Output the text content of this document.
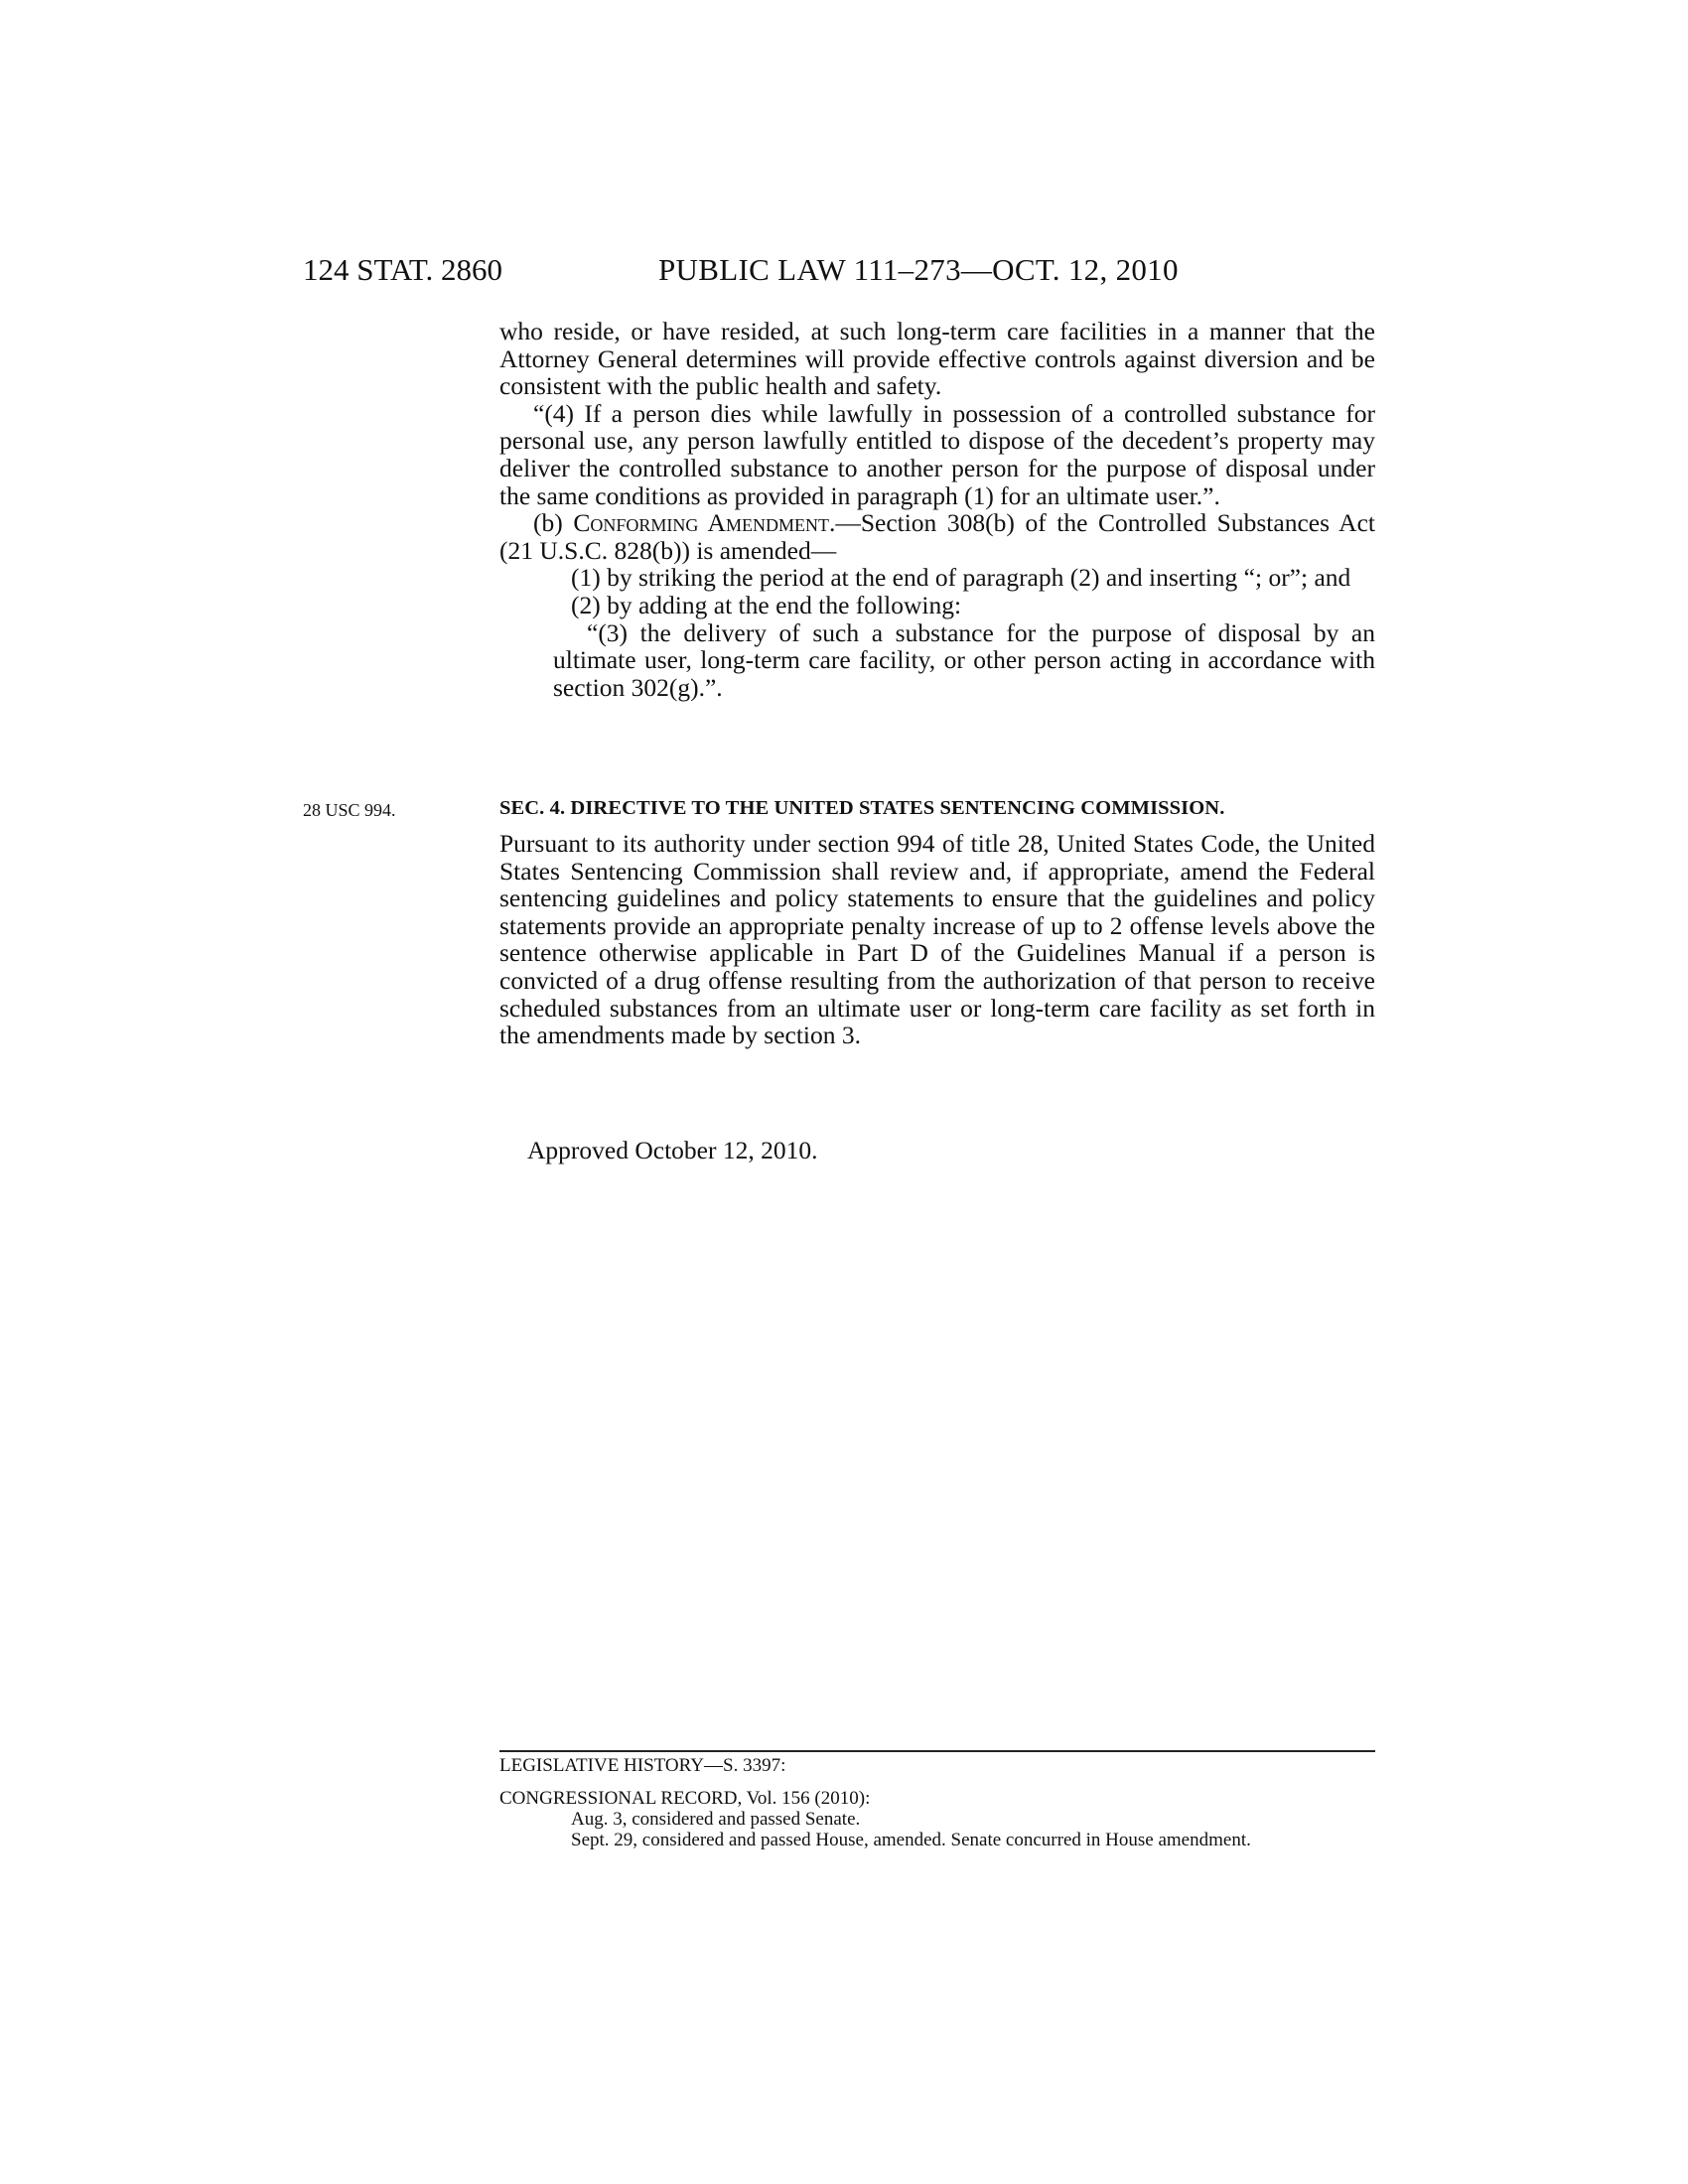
124 STAT. 2860	PUBLIC LAW 111–273—OCT. 12, 2010

who reside, or have resided, at such long-term care facilities in a manner that the Attorney General determines will provide effective controls against diversion and be consistent with the public health and safety.

“(4) If a person dies while lawfully in possession of a controlled substance for personal use, any person lawfully entitled to dispose of the decedent’s property may deliver the controlled substance to another person for the purpose of disposal under the same conditions as provided in paragraph (1) for an ultimate user.”.

(b) Conforming Amendment.—Section 308(b) of the Controlled Substances Act (21 U.S.C. 828(b)) is amended—

(1) by striking the period at the end of paragraph (2) and inserting “; or”; and

(2) by adding at the end the following:

“(3) the delivery of such a substance for the purpose of disposal by an ultimate user, long-term care facility, or other person acting in accordance with section 302(g).”.

28 USC 994.	SEC. 4. DIRECTIVE TO THE UNITED STATES SENTENCING COMMISSION.

Pursuant to its authority under section 994 of title 28, United States Code, the United States Sentencing Commission shall review and, if appropriate, amend the Federal sentencing guidelines and policy statements to ensure that the guidelines and policy statements provide an appropriate penalty increase of up to 2 offense levels above the sentence otherwise applicable in Part D of the Guidelines Manual if a person is convicted of a drug offense resulting from the authorization of that person to receive scheduled substances from an ultimate user or long-term care facility as set forth in the amendments made by section 3.

Approved October 12, 2010.

LEGISLATIVE HISTORY—S. 3397:

CONGRESSIONAL RECORD, Vol. 156 (2010):

Aug. 3, considered and passed Senate.

Sept. 29, considered and passed House, amended. Senate concurred in House amendment.
